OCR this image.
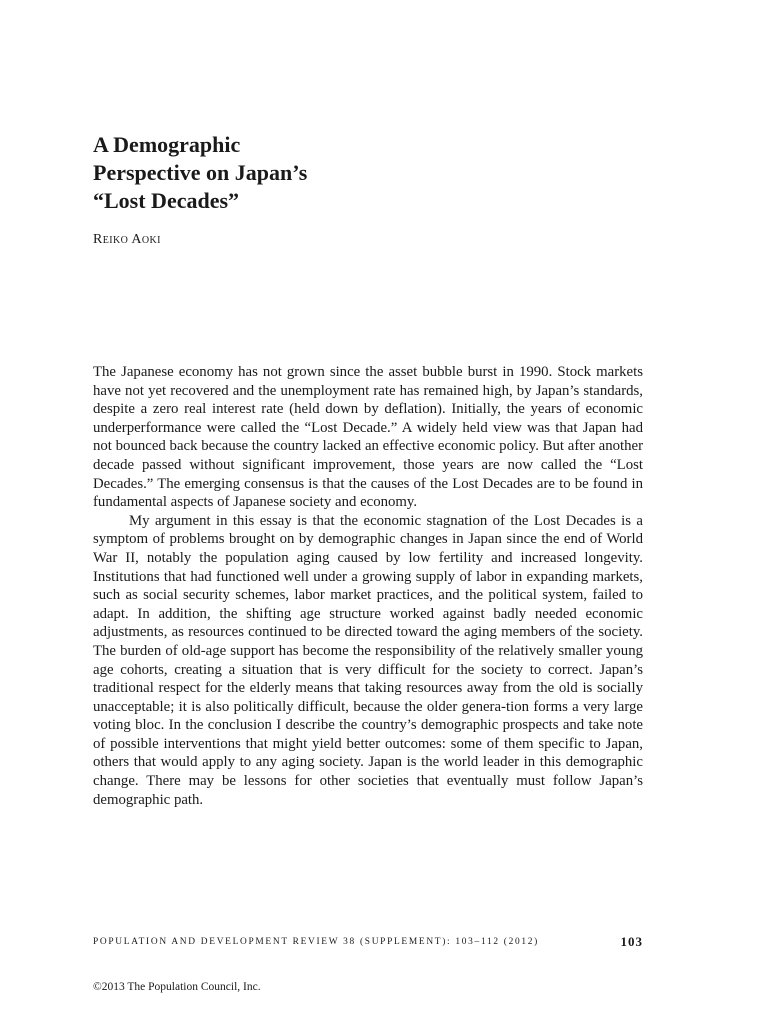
A Demographic
Perspective on Japan’s
“Lost Decades”
Reiko Aoki

The Japanese economy has not grown since the asset bubble burst in 1990. Stock markets have not yet recovered and the unemployment rate has remained high, by Japan’s standards, despite a zero real interest rate (held down by deflation). Initially, the years of economic underperformance were called the “Lost Decade.” A widely held view was that Japan had not bounced back because the country lacked an effective economic policy. But after another decade passed without significant improvement, those years are now called the “Lost Decades.” The emerging consensus is that the causes of the Lost Decades are to be found in fundamental aspects of Japanese society and economy.

My argument in this essay is that the economic stagnation of the Lost Decades is a symptom of problems brought on by demographic changes in Japan since the end of World War II, notably the population aging caused by low fertility and increased longevity. Institutions that had functioned well under a growing supply of labor in expanding markets, such as social security schemes, labor market practices, and the political system, failed to adapt. In addition, the shifting age structure worked against badly needed economic adjustments, as resources continued to be directed toward the aging members of the society. The burden of old-age support has become the responsibility of the relatively smaller young age cohorts, creating a situation that is very difficult for the society to correct. Japan’s traditional respect for the elderly means that taking resources away from the old is socially unacceptable; it is also politically difficult, because the older genera-tion forms a very large voting bloc. In the conclusion I describe the country’s demographic prospects and take note of possible interventions that might yield better outcomes: some of them specific to Japan, others that would apply to any aging society. Japan is the world leader in this demographic change. There may be lessons for other societies that eventually must follow Japan’s demographic path.

POPULATION AND DEVELOPMENT REVIEW 38 (SUPPLEMENT): 103–112 (2012)	103
©2013 The Population Council, Inc.
